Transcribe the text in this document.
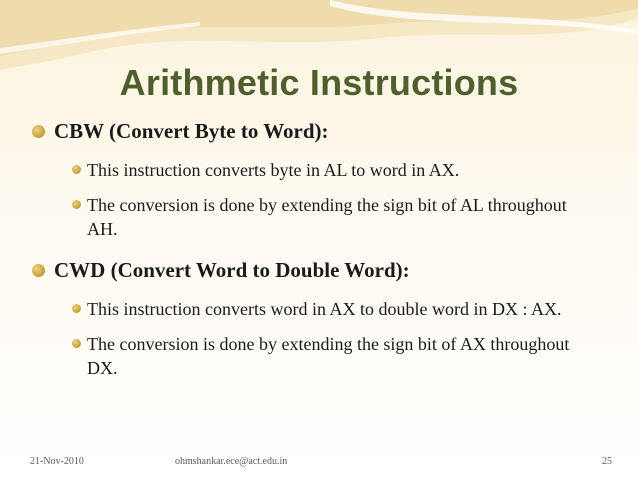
Arithmetic Instructions
CBW (Convert Byte to Word):
This instruction converts byte in AL to word in AX.
The conversion is done by extending the sign bit of AL throughout AH.
CWD (Convert Word to Double Word):
This instruction converts word in AX to double word in DX : AX.
The conversion is done by extending the sign bit of AX throughout DX.
21-Nov-2010	ohmshankar.ece@act.edu.in	25
